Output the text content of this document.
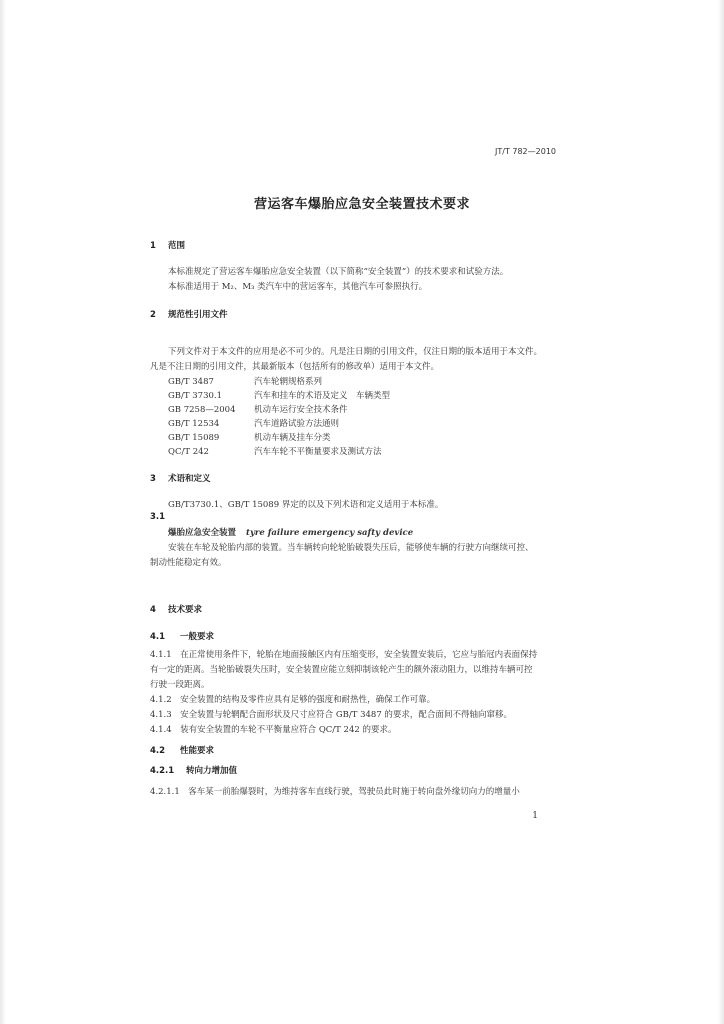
JT/T 782—2010
营运客车爆胎应急安全装置技术要求
1 范围
本标准规定了营运客车爆胎应急安全装置（以下简称“安全装置”）的技术要求和试验方法。
本标准适用于 M₂、M₃ 类汽车中的营运客车，其他汽车可参照执行。
2 规范性引用文件
下列文件对于本文件的应用是必不可少的。凡是注日期的引用文件，仅注日期的版本适用于本文件。
凡是不注日期的引用文件，其最新版本（包括所有的修改单）适用于本文件。
GB/T 3487	汽车轮辋规格系列
GB/T 3730.1	汽车和挂车的术语及定义　车辆类型
GB 7258—2004 机动车运行安全技术条件
GB/T 12534	汽车道路试验方法通则
GB/T 15089	机动车辆及挂车分类
QC/T 242	汽车车轮不平衡量要求及测试方法
3 术语和定义
GB/T3730.1、GB/T 15089 界定的以及下列术语和定义适用于本标准。
3.1
爆胎应急安全装置 tyre failure emergency safty device
安装在车轮及轮胎内部的装置。当车辆转向轮轮胎破裂失压后，能够使车辆的行驶方向继续可控、
制动性能稳定有效。
4 技术要求
4.1 一般要求
4.1.1　在正常使用条件下，轮胎在地面接触区内有压缩变形，安全装置安装后，它应与胎冠内表面保持
有一定的距离。当轮胎破裂失压时，安全装置应能立刻抑制该轮产生的额外滚动阻力，以维持车辆可控
行驶一段距离。
4.1.2　安全装置的结构及零件应具有足够的强度和耐热性，确保工作可靠。
4.1.3　安全装置与轮辋配合面形状及尺寸应符合 GB/T 3487 的要求，配合面间不得轴向窜移。
4.1.4　装有安全装置的车轮不平衡量应符合 QC/T 242 的要求。
4.2 性能要求
4.2.1 转向力增加值
4.2.1.1　客车某一前胎爆裂时，为维持客车直线行驶，驾驶员此时施于转向盘外缘切向力的增量小
1
